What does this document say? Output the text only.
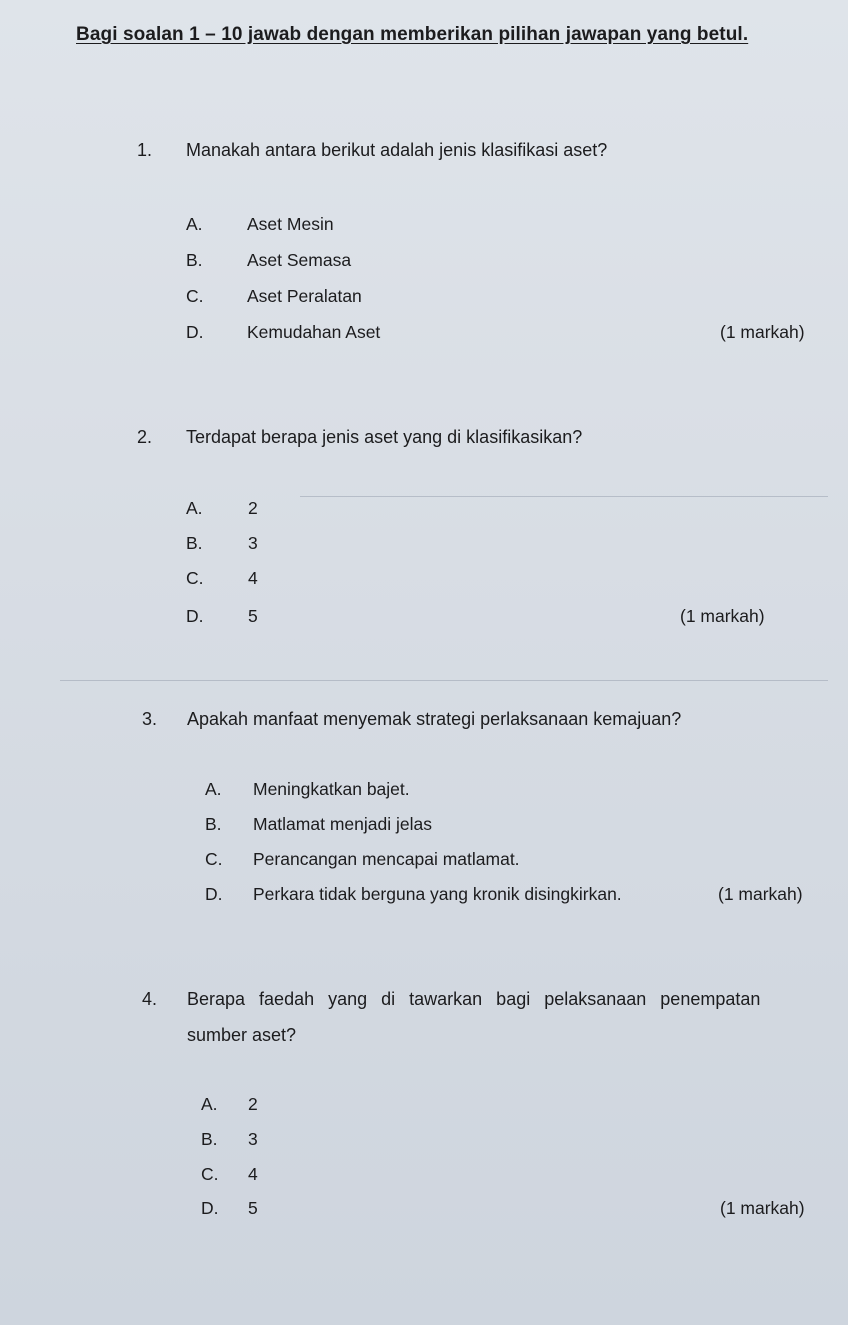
Bagi soalan 1 – 10 jawab dengan memberikan pilihan jawapan yang betul.
1. Manakah antara berikut adalah jenis klasifikasi aset?
A.	Aset Mesin
B.	Aset Semasa
C. Aset Peralatan
D. Kemudahan Aset	(1 markah)
2. Terdapat berapa jenis aset yang di klasifikasikan?
A.	2
B.	3
C.	4
D.	5	(1 markah)
3. Apakah manfaat menyemak strategi perlaksanaan kemajuan?
A. Meningkatkan bajet.
B. Matlamat menjadi jelas
C. Perancangan mencapai matlamat.
D. Perkara tidak berguna yang kronik disingkirkan.	(1 markah)
4. Berapa faedah yang di tawarkan bagi pelaksanaan penempatan
sumber aset?
A. 2
B. 3
C. 4
D. 5	(1 markah)
